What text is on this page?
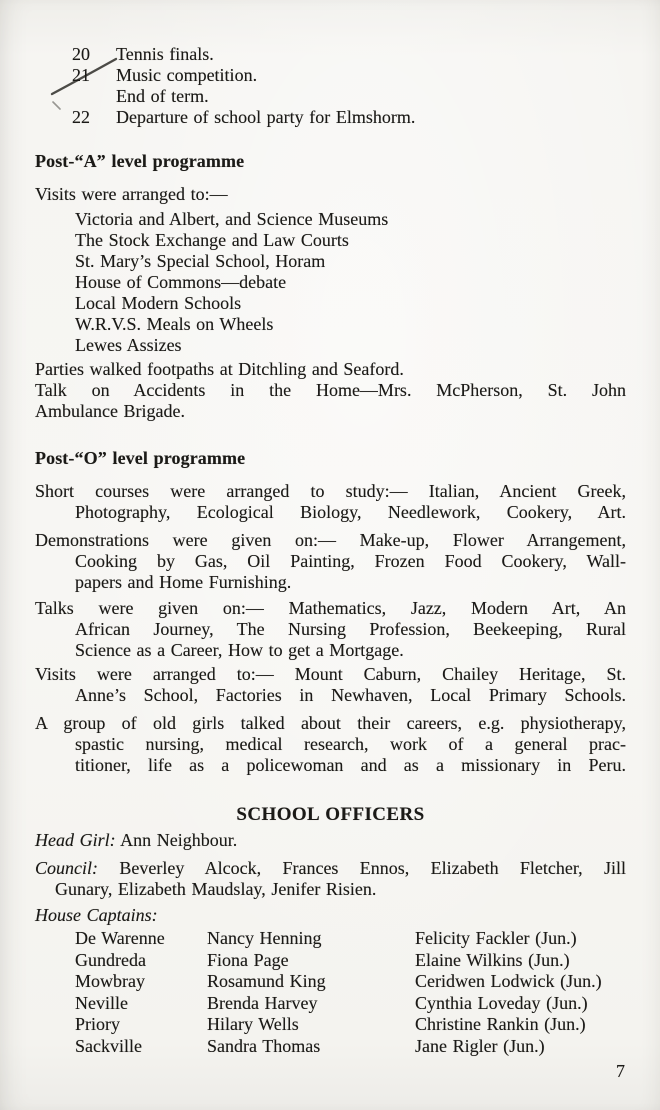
20	Tennis finals.
21	Music competition.
End of term.
22	Departure of school party for Elmshorm.
Post-“A” level programme
Visits were arranged to:—
Victoria and Albert, and Science Museums
The Stock Exchange and Law Courts
St. Mary’s Special School, Horam
House of Commons—debate
Local Modern Schools
W.R.V.S. Meals on Wheels
Lewes Assizes
Parties walked footpaths at Ditchling and Seaford.
Talk on Accidents in the Home—Mrs. McPherson, St. John
Ambulance Brigade.
Post-“O” level programme
Short courses were arranged to study:— Italian, Ancient Greek,
Photography, Ecological Biology, Needlework, Cookery, Art.
Demonstrations were given on:— Make-up, Flower Arrangement,
Cooking by Gas, Oil Painting, Frozen Food Cookery, Wall-
papers and Home Furnishing.
Talks were given on:— Mathematics, Jazz, Modern Art, An
African Journey, The Nursing Profession, Beekeeping, Rural
Science as a Career, How to get a Mortgage.
Visits were arranged to:— Mount Caburn, Chailey Heritage, St.
Anne’s School, Factories in Newhaven, Local Primary Schools.
A group of old girls talked about their careers, e.g. physiotherapy,
spastic nursing, medical research, work of a general prac-
titioner, life as a policewoman and as a missionary in Peru.
SCHOOL OFFICERS
Head Girl: Ann Neighbour.
Council: Beverley Alcock, Frances Ennos, Elizabeth Fletcher, Jill
Gunary, Elizabeth Maudslay, Jenifer Risien.
House Captains:
De Warenne	Nancy Henning	Felicity Fackler (Jun.)
Gundreda	Fiona Page	Elaine Wilkins (Jun.)
Mowbray	Rosamund King	Ceridwen Lodwick (Jun.)
Neville	Brenda Harvey	Cynthia Loveday (Jun.)
Priory	Hilary Wells	Christine Rankin (Jun.)
Sackville	Sandra Thomas	Jane Rigler (Jun.)
7
